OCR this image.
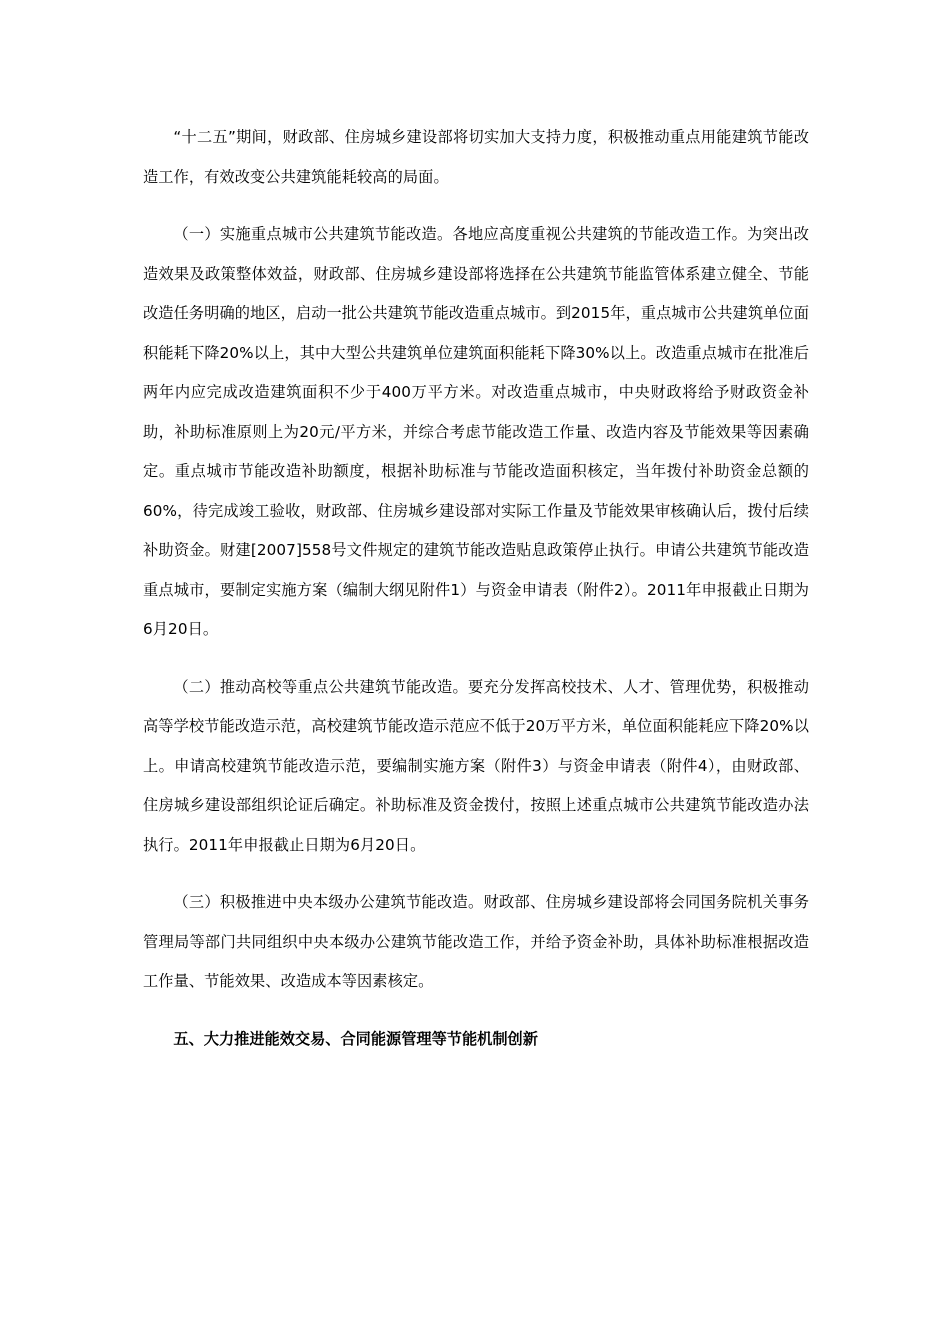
“十二五”期间，财政部、住房城乡建设部将切实加大支持力度，积极推动重点用能建筑节能改造工作，有效改变公共建筑能耗较高的局面。

（一）实施重点城市公共建筑节能改造。各地应高度重视公共建筑的节能改造工作。为突出改造效果及政策整体效益，财政部、住房城乡建设部将选择在公共建筑节能监管体系建立健全、节能改造任务明确的地区，启动一批公共建筑节能改造重点城市。到2015年，重点城市公共建筑单位面积能耗下降20%以上，其中大型公共建筑单位建筑面积能耗下降30%以上。改造重点城市在批准后两年内应完成改造建筑面积不少于400万平方米。对改造重点城市，中央财政将给予财政资金补助，补助标准原则上为20元/平方米，并综合考虑节能改造工作量、改造内容及节能效果等因素确定。重点城市节能改造补助额度，根据补助标准与节能改造面积核定，当年拨付补助资金总额的60%，待完成竣工验收，财政部、住房城乡建设部对实际工作量及节能效果审核确认后，拨付后续补助资金。财建[2007]558号文件规定的建筑节能改造贴息政策停止执行。申请公共建筑节能改造重点城市，要制定实施方案（编制大纲见附件1）与资金申请表（附件2）。2011年申报截止日期为6月20日。

（二）推动高校等重点公共建筑节能改造。要充分发挥高校技术、人才、管理优势，积极推动高等学校节能改造示范，高校建筑节能改造示范应不低于20万平方米，单位面积能耗应下降20%以上。申请高校建筑节能改造示范，要编制实施方案（附件3）与资金申请表（附件4），由财政部、住房城乡建设部组织论证后确定。补助标准及资金拨付，按照上述重点城市公共建筑节能改造办法执行。2011年申报截止日期为6月20日。

（三）积极推进中央本级办公建筑节能改造。财政部、住房城乡建设部将会同国务院机关事务管理局等部门共同组织中央本级办公建筑节能改造工作，并给予资金补助，具体补助标准根据改造工作量、节能效果、改造成本等因素核定。

五、大力推进能效交易、合同能源管理等节能机制创新
